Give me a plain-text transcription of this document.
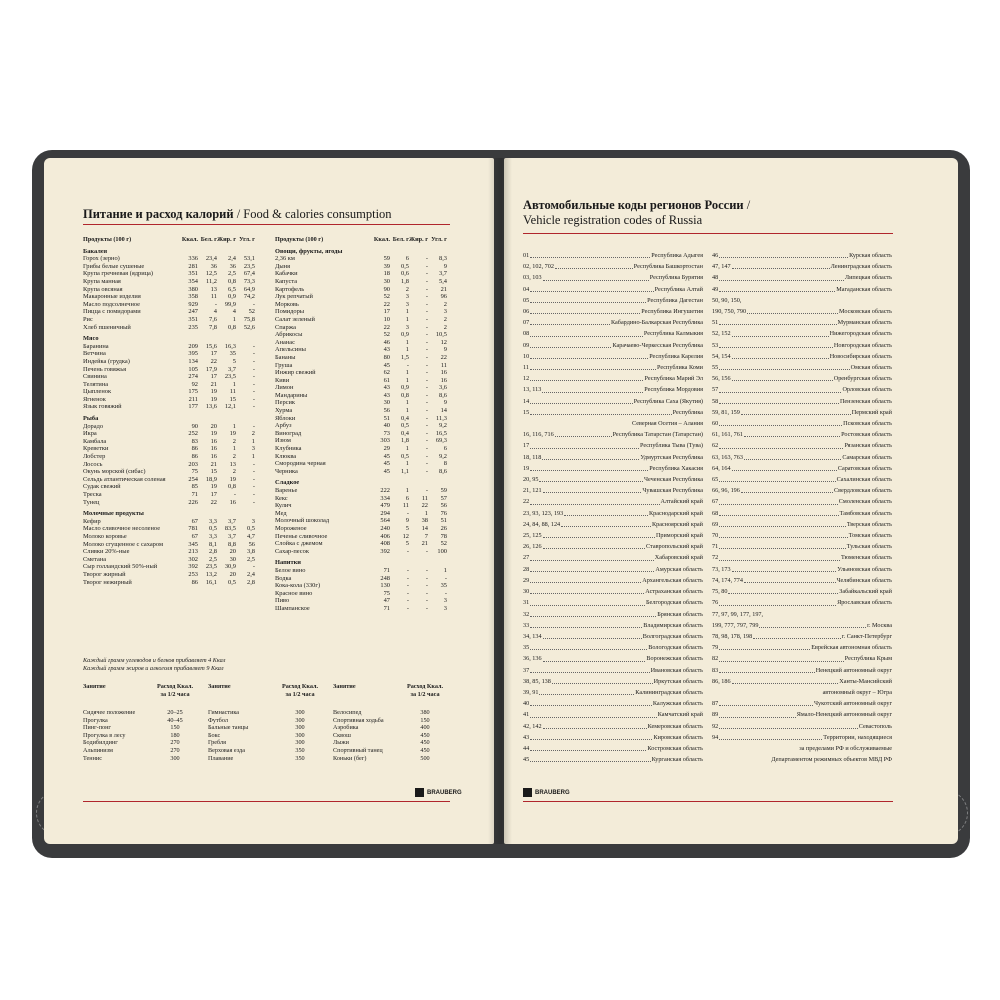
Питание и расход калорий / Food & calories consumption
Продукты (100 г)	Ккал. Бел. г Жир. г Угл. г
Бакалея
Горох (зерно)	336	23,4	2,4	53,1
Грибы белые сушеные	281	36	36	23,5
Крупа гречневая (ядрица)	351	12,5	2,5	67,4
Крупа манная	354	11,2	0,8	73,3
Крупа овсяная	380	13	6,5	64,9
Макаронные изделия	358	11	0,9	74,2
Масло подсолнечное	929	-	99,9	-
Пицца с помидорами	247	4	4	52
Рис	351	7,6	1	75,8
Хлеб пшеничный	235	7,8	0,8	52,6
Мясо
Баранина	209	15,6	16,3	-
Ветчина	395	17	35	-
Индейка (грудка)	134	22	5	-
Печень говяжья	105	17,9	3,7	-
Свинина	274	17	23,5	-
Телятина	92	21	1	-
Цыпленок	175	19	11	-
Ягненок	211	19	15	-
Язык говяжий	177	13,6	12,1	-
Рыба
Дорадо	90	20	1	-
Икра	252	19	19	2
Камбала	83	16	2	1
Креветки	86	16	1	3
Лобстер	86	16	2	1
Лосось	203	21	13	-
Окунь морской (сибас)	75	15	2	-
Сельдь атлантическая соленая	254	18,9	19	-
Судак свежий	85	19	0,8	-
Треска	71	17	-	-
Тунец	226	22	16	-
Молочные продукты
Кефир	67	3,3	3,7	3
Масло сливочное несоленое	781	0,5	83,5	0,5
Молоко коровье	67	3,3	3,7	4,7
Молоко сгущенное с сахаром	345	8,1	8,8	56
Сливки 20%-ные	213	2,8	20	3,8
Сметана	302	2,5	30	2,5
Сыр голландский 50%-ный	392	23,5	30,9	-
Творог жирный	253	13,2	20	2,4
Творог нежирный	86	16,1	0,5	2,8
Продукты (100 г)	Ккал. Бел. г Жир. г Угл. г
Овощи, фрукты, ягоды
2,36 км	59	6	-	8,3
Дыня	39	0,5	-	9
Кабачки	18	0,6	-	3,7
Капуста	30	1,8	-	5,4
Картофель	90	2	-	21
Лук репчатый	52	3	-	96
Морковь	22	3	-	2
Помидоры	17	1	-	3
Салат зеленый	10	1	-	2
Спаржа	22	3	-	2
Абрикосы	52	0,9	-	10,5
Ананас	46	1	-	12
Апельсины	43	1	-	9
Бананы	80	1,5	-	22
Груша	45	-	-	11
Инжир свежий	62	1	-	16
Киви	61	1	-	16
Лимон	43	0,9	-	3,6
Мандарины	43	0,8	-	8,6
Персик	30	1	-	9
Хурма	56	1	-	14
Яблоки	51	0,4	-	11,3
Арбуз	40	0,5	-	9,2
Виноград	73	0,4	-	16,5
Изюм	303	1,8	-	69,3
Клубника	29	1	-	6
Клюква	45	0,5	-	9,2
Смородина черная	45	1	-	8
Черника	45	1,1	-	8,6
Сладкое
Варенье	222	1	-	59
Кекс	334	6	11	57
Кулич	479	11	22	56
Мед	294	-	1	76
Молочный шоколад	564	9	38	51
Мороженое	240	5	14	26
Печенье сливочное	406	12	7	78
Слойка с джемом	408	5	21	52
Сахар-песок	392	-	-	100
Напитки
Белое вино	71	-	-	1
Водка	248	-	-	-
Кока-кола (330г)	130	-	-	35
Красное вино	75	-	-	-
Пиво	47	-	-	3
Шампанское	71	-	-	3
Каждый грамм углеводов и белков прибавляет 4 Ккал
Каждый грамм жиров и алкоголя прибавляет 9 Ккал
Занятие	Расход Ккал. за 1/2 часа
Сидячее положение	20–25
Прогулка	40–45
Пинг-понг	150
Прогулка в лесу	180
Бодибилдинг	270
Альпинизм	270
Теннис	300
Занятие	Расход Ккал. за 1/2 часа
Гимнастика	300
Футбол	300
Бальные танцы	300
Бокс	300
Гребля	300
Верховая езда	350
Плавание	350
Занятие	Расход Ккал. за 1/2 часа
Велосипед	380
Спортивная ходьба	150
Аэробика	400
Сквош	450
Лыжи	450
Спортивный танец	450
Коньки (бег)	500
BRAUBERG
Автомобильные коды регионов России /
Vehicle registration codes of Russia
01	Республика Адыгея
02, 102, 702	Республика Башкортостан
03, 103	Республика Бурятия
04	Республика Алтай
05	Республика Дагестан
06	Республика Ингушетия
07	Кабардино-Балкарская Республика
08	Республика Калмыкия
09	Карачаево-Черкесская Республика
10	Республика Карелия
11	Республика Коми
12	Республика Марий Эл
13, 113	Республика Мордовия
14	Республика Саха (Якутия)
15	Республика
Северная Осетия – Алания
16, 116, 716	Республика Татарстан (Татарстан)
17	Республика Тыва (Тува)
18, 118	Удмуртская Республика
19	Республика Хакасия
20, 95	Чеченская Республика
21, 121	Чувашская Республика
22	Алтайский край
23, 93, 123, 193	Краснодарский край
24, 84, 88, 124	Красноярский край
25, 125	Приморский край
26, 126	Ставропольский край
27	Хабаровский край
28	Амурская область
29	Архангельская область
30	Астраханская область
31	Белгородская область
32	Брянская область
33	Владимирская область
34, 134	Волгоградская область
35	Вологодская область
36, 136	Воронежская область
37	Ивановская область
38, 85, 138	Иркутская область
39, 91	Калининградская область
40	Калужская область
41	Камчатский край
42, 142	Кемеровская область
43	Кировская область
44	Костромская область
45	Курганская область
46	Курская область
47, 147	Ленинградская область
48	Липецкая область
49	Магаданская область
50, 90, 150,
190, 750, 790	Московская область
51	Мурманская область
52, 152	Нижегородская область
53	Новгородская область
54, 154	Новосибирская область
55	Омская область
56, 156	Оренбургская область
57	Орловская область
58	Пензенская область
59, 81, 159	Пермский край
60	Псковская область
61, 161, 761	Ростовская область
62	Рязанская область
63, 163, 763	Самарская область
64, 164	Саратовская область
65	Сахалинская область
66, 96, 196	Свердловская область
67	Смоленская область
68	Тамбовская область
69	Тверская область
70	Томская область
71	Тульская область
72	Тюменская область
73, 173	Ульяновская область
74, 174, 774	Челябинская область
75, 80	Забайкальский край
76	Ярославская область
77, 97, 99, 177, 197,
199, 777, 797, 799	г. Москва
78, 98, 178, 198	г. Санкт-Петербург
79	Еврейская автономная область
82	Республика Крым
83	Ненецкий автономный округ
86, 186	Ханты-Мансийский
автономный округ – Югра
87	Чукотский автономный округ
89	Ямало-Ненецкий автономный округ
92	Севастополь
94	Территории, находящиеся
за пределами РФ и обслуживаемые
Департаментом режимных объектов МВД РФ
BRAUBERG
